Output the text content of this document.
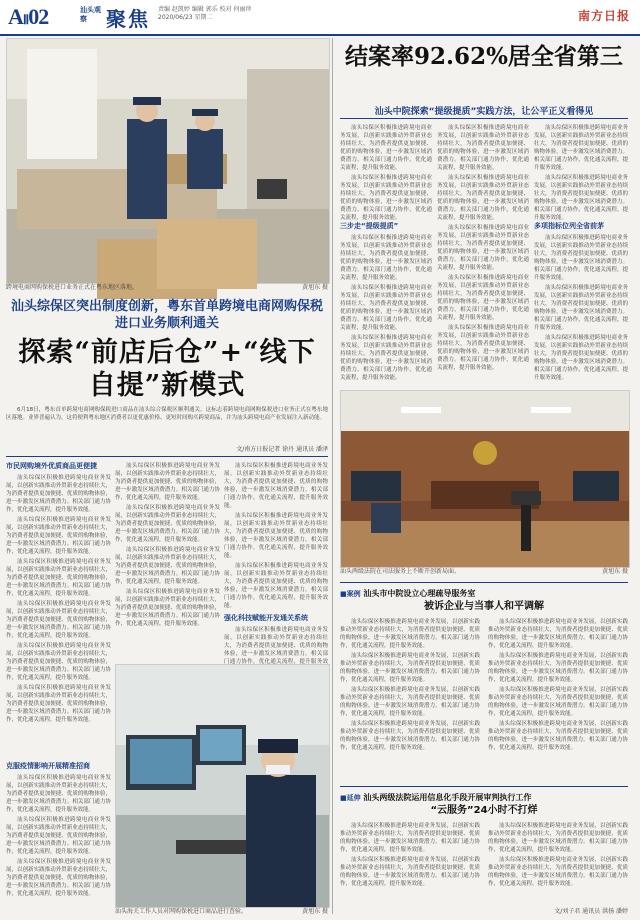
AⅡ02	汕头观察 聚焦 责编 赵凯婷 编辑 郭乐 校对 何丽珍
2020/06/23 星期二	南方日报
跨境电商网购保税进口业务正式在粤东地区落地。	黄旭东 摄
汕头综保区突出制度创新，粤东首单跨境电商网购保税进口业务顺利通关
探索“前店后仓”+“线下自提”新模式

6月18日，粤东首单跨境电商网购保税进口商品在汕头综合保税区顺利通关，这标志着跨境电商网购保税进口业务正式在粤东地区落地。业界普遍认为，这将便利粤东地区消费者以更优惠价格、更短时间购买跨境商品，并为汕头跨境电商产业发展注入新动能。

文/南方日报记者 徐丹 通讯员 潘泽
市民网购境外优质商品更便捷

汕头综保区积极推进跨境电商业务发展，以创新实践推动外贸新业态持续壮大，为消费者提供更加便捷、优质的购物体验，进一步激发区域消费潜力。相关部门通力协作，优化通关流程，提升服务效能。

汕头综保区积极推进跨境电商业务发展，以创新实践推动外贸新业态持续壮大，为消费者提供更加便捷、优质的购物体验，进一步激发区域消费潜力。相关部门通力协作，优化通关流程，提升服务效能。

汕头综保区积极推进跨境电商业务发展，以创新实践推动外贸新业态持续壮大，为消费者提供更加便捷、优质的购物体验，进一步激发区域消费潜力。相关部门通力协作，优化通关流程，提升服务效能。

汕头综保区积极推进跨境电商业务发展，以创新实践推动外贸新业态持续壮大，为消费者提供更加便捷、优质的购物体验，进一步激发区域消费潜力。相关部门通力协作，优化通关流程，提升服务效能。

汕头综保区积极推进跨境电商业务发展，以创新实践推动外贸新业态持续壮大，为消费者提供更加便捷、优质的购物体验，进一步激发区域消费潜力。相关部门通力协作，优化通关流程，提升服务效能。

汕头综保区积极推进跨境电商业务发展，以创新实践推动外贸新业态持续壮大，为消费者提供更加便捷、优质的购物体验，进一步激发区域消费潜力。相关部门通力协作，优化通关流程，提升服务效能。

汕头综保区积极推进跨境电商业务发展，以创新实践推动外贸新业态持续壮大，为消费者提供更加便捷、优质的购物体验，进一步激发区域消费潜力。相关部门通力协作，优化通关流程，提升服务效能。

汕头综保区积极推进跨境电商业务发展，以创新实践推动外贸新业态持续壮大，为消费者提供更加便捷、优质的购物体验，进一步激发区域消费潜力。相关部门通力协作，优化通关流程，提升服务效能。

汕头综保区积极推进跨境电商业务发展，以创新实践推动外贸新业态持续壮大，为消费者提供更加便捷、优质的购物体验，进一步激发区域消费潜力。相关部门通力协作，优化通关流程，提升服务效能。

汕头综保区积极推进跨境电商业务发展，以创新实践推动外贸新业态持续壮大，为消费者提供更加便捷、优质的购物体验，进一步激发区域消费潜力。相关部门通力协作，优化通关流程，提升服务效能。

汕头综保区积极推进跨境电商业务发展，以创新实践推动外贸新业态持续壮大，为消费者提供更加便捷、优质的购物体验，进一步激发区域消费潜力。相关部门通力协作，优化通关流程，提升服务效能。

汕头综保区积极推进跨境电商业务发展，以创新实践推动外贸新业态持续壮大，为消费者提供更加便捷、优质的购物体验，进一步激发区域消费潜力。相关部门通力协作，优化通关流程，提升服务效能。

汕头综保区积极推进跨境电商业务发展，以创新实践推动外贸新业态持续壮大，为消费者提供更加便捷、优质的购物体验，进一步激发区域消费潜力。相关部门通力协作，优化通关流程，提升服务效能。

强化科技赋能开发通关系统

汕头综保区积极推进跨境电商业务发展，以创新实践推动外贸新业态持续壮大，为消费者提供更加便捷、优质的购物体验，进一步激发区域消费潜力。相关部门通力协作，优化通关流程，提升服务效

克服疫情影响开展精准招商

汕头综保区积极推进跨境电商业务发展，以创新实践推动外贸新业态持续壮大，为消费者提供更加便捷、优质的购物体验，进一步激发区域消费潜力。相关部门通力协作，优化通关流程，提升服务效能。

汕头综保区积极推进跨境电商业务发展，以创新实践推动外贸新业态持续壮大，为消费者提供更加便捷、优质的购物体验，进一步激发区域消费潜力。相关部门通力协作，优化通关流程，提升服务效能。

汕头综保区积极推进跨境电商业务发展，以创新实践推动外贸新业态持续壮大，为消费者提供更加便捷、优质的购物体验，进一步激发区域消费潜力。相关部门通力协作，优化通关流程，提升服务效能。

汕头海关工作人员对网购保税进口商品进行查验。	黄旭东 摄
结案率92.62%居全省第三
汕头中院探索“提级提质”实践方法，让公平正义看得见

汕头综保区积极推进跨境电商业务发展，以创新实践推动外贸新业态持续壮大，为消费者提供更加便捷、优质的购物体验，进一步激发区域消费潜力。相关部门通力协作，优化通关流程，提升服务效能。

汕头综保区积极推进跨境电商业务发展，以创新实践推动外贸新业态持续壮大，为消费者提供更加便捷、优质的购物体验，进一步激发区域消费潜力。相关部门通力协作，优化通关流程，提升服务效能。

三步走“提级提质”

汕头综保区积极推进跨境电商业务发展，以创新实践推动外贸新业态持续壮大，为消费者提供更加便捷、优质的购物体验，进一步激发区域消费潜力。相关部门通力协作，优化通关流程，提升服务效能。

汕头综保区积极推进跨境电商业务发展，以创新实践推动外贸新业态持续壮大，为消费者提供更加便捷、优质的购物体验，进一步激发区域消费潜力。相关部门通力协作，优化通关流程，提升服务效能。

汕头综保区积极推进跨境电商业务发展，以创新实践推动外贸新业态持续壮大，为消费者提供更加便捷、优质的购物体验，进一步激发区域消费潜力。相关部门通力协作，优化通关流程，提升服务效能。

汕头综保区积极推进跨境电商业务发展，以创新实践推动外贸新业态持续壮大，为消费者提供更加便捷、优质的购物体验，进一步激发区域消费潜力。相关部门通力协作，优化通关流程，提升服务效能。

汕头综保区积极推进跨境电商业务发展，以创新实践推动外贸新业态持续壮大，为消费者提供更加便捷、优质的购物体验，进一步激发区域消费潜力。相关部门通力协作，优化通关流程，提升服务效能。

汕头综保区积极推进跨境电商业务发展，以创新实践推动外贸新业态持续壮大，为消费者提供更加便捷、优质的购物体验，进一步激发区域消费潜力。相关部门通力协作，优化通关流程，提升服务效能。

汕头综保区积极推进跨境电商业务发展，以创新实践推动外贸新业态持续壮大，为消费者提供更加便捷、优质的购物体验，进一步激发区域消费潜力。相关部门通力协作，优化通关流程，提升服务效能。

汕头综保区积极推进跨境电商业务发展，以创新实践推动外贸新业态持续壮大，为消费者提供更加便捷、优质的购物体验，进一步激发区域消费潜力。相关部门通力协作，优化通关流程，提升服务效能。

汕头综保区积极推进跨境电商业务发展，以创新实践推动外贸新业态持续壮大，为消费者提供更加便捷、优质的购物体验，进一步激发区域消费潜力。相关部门通力协作，优化通关流程，提升服务效能。

汕头综保区积极推进跨境电商业务发展，以创新实践推动外贸新业态持续壮大，为消费者提供更加便捷、优质的购物体验，进一步激发区域消费潜力。相关部门通力协作，优化通关流程，提升服务效能。

多项指标位列全省前茅

汕头综保区积极推进跨境电商业务发展，以创新实践推动外贸新业态持续壮大，为消费者提供更加便捷、优质的购物体验，进一步激发区域消费潜力。相关部门通力协作，优化通关流程，提升服务效能。

汕头综保区积极推进跨境电商业务发展，以创新实践推动外贸新业态持续壮大，为消费者提供更加便捷、优质的购物体验，进一步激发区域消费潜力。相关部门通力协作，优化通关流程，提升服务效能。

汕头综保区积极推进跨境电商业务发展，以创新实践推动外贸新业态持续壮大，为消费者提供更加便捷、优质的购物体验，进一步激发区域消费潜力。相关部门通力协作，优化通关流程，提升服务效能。

汕头两级法院在司法服务上不断开创新局面。	黄旭东 摄
■案例 汕头市中院设立心理疏导服务室
被诉企业与当事人和平调解

汕头综保区积极推进跨境电商业务发展，以创新实践推动外贸新业态持续壮大，为消费者提供更加便捷、优质的购物体验，进一步激发区域消费潜力。相关部门通力协作，优化通关流程，提升服务效能。

汕头综保区积极推进跨境电商业务发展，以创新实践推动外贸新业态持续壮大，为消费者提供更加便捷、优质的购物体验，进一步激发区域消费潜力。相关部门通力协作，优化通关流程，提升服务效能。

汕头综保区积极推进跨境电商业务发展，以创新实践推动外贸新业态持续壮大，为消费者提供更加便捷、优质的购物体验，进一步激发区域消费潜力。相关部门通力协作，优化通关流程，提升服务效能。

汕头综保区积极推进跨境电商业务发展，以创新实践推动外贸新业态持续壮大，为消费者提供更加便捷、优质的购物体验，进一步激发区域消费潜力。相关部门通力协作，优化通关流程，提升服务效能。

汕头综保区积极推进跨境电商业务发展，以创新实践推动外贸新业态持续壮大，为消费者提供更加便捷、优质的购物体验，进一步激发区域消费潜力。相关部门通力协作，优化通关流程，提升服务效能。

汕头综保区积极推进跨境电商业务发展，以创新实践推动外贸新业态持续壮大，为消费者提供更加便捷、优质的购物体验，进一步激发区域消费潜力。相关部门通力协作，优化通关流程，提升服务效能。

汕头综保区积极推进跨境电商业务发展，以创新实践推动外贸新业态持续壮大，为消费者提供更加便捷、优质的购物体验，进一步激发区域消费潜力。相关部门通力协作，优化通关流程，提升服务效能。

汕头综保区积极推进跨境电商业务发展，以创新实践推动外贸新业态持续壮大，为消费者提供更加便捷、优质的购物体验，进一步激发区域消费潜力。相关部门通力协作，优化通关流程，提升服务效能。

■延伸 汕头两级法院运用信息化手段开展审判执行工作
“云服务”24小时不打烊

汕头综保区积极推进跨境电商业务发展，以创新实践推动外贸新业态持续壮大，为消费者提供更加便捷、优质的购物体验，进一步激发区域消费潜力。相关部门通力协作，优化通关流程，提升服务效能。

汕头综保区积极推进跨境电商业务发展，以创新实践推动外贸新业态持续壮大，为消费者提供更加便捷、优质的购物体验，进一步激发区域消费潜力。相关部门通力协作，优化通关流程，提升服务效能。

汕头综保区积极推进跨境电商业务发展，以创新实践推动外贸新业态持续壮大，为消费者提供更加便捷、优质的购物体验，进一步激发区域消费潜力。相关部门通力协作，优化通关流程，提升服务效能。

汕头综保区积极推进跨境电商业务发展，以创新实践推动外贸新业态持续壮大，为消费者提供更加便捷、优质的购物体验，进一步激发区域消费潜力。相关部门通力协作，优化通关流程，提升服务效能。

文/刘子君 通讯员 洪扬 潘婷
